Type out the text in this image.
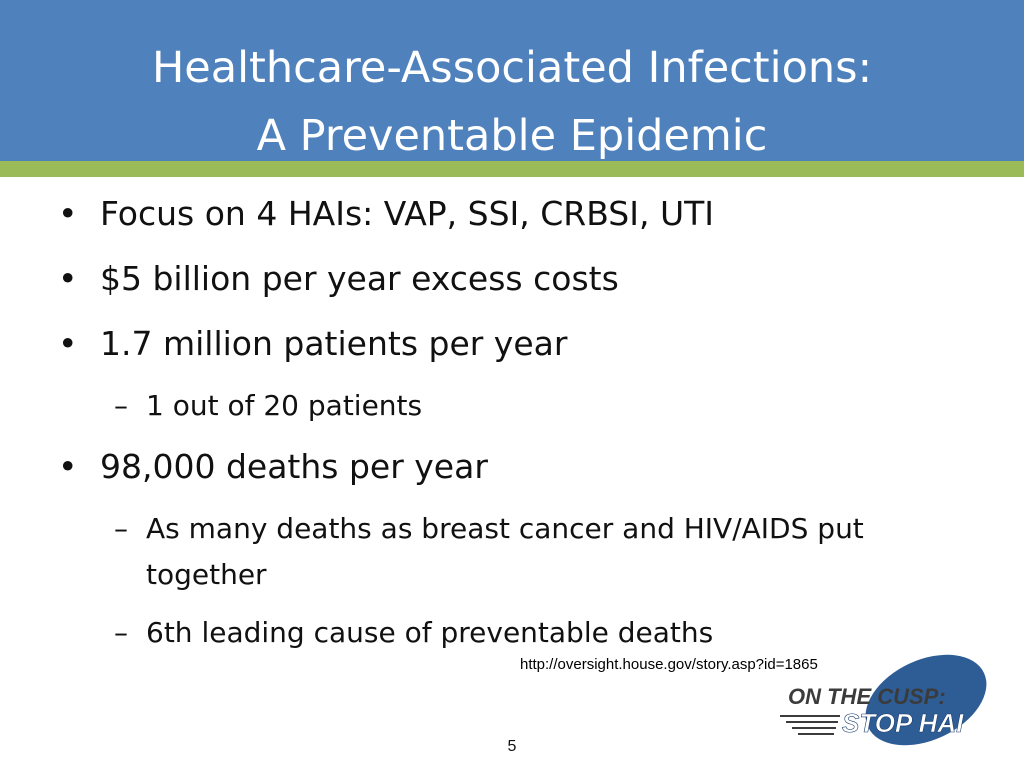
Healthcare-Associated Infections:
A Preventable Epidemic
• Focus on 4 HAIs: VAP, SSI, CRBSI, UTI
• $5 billion per year excess costs
• 1.7 million patients per year
– 1 out of 20 patients
• 98,000 deaths per year
– As many deaths as breast cancer and HIV/AIDS put together
– 6th leading cause of preventable deaths
http://oversight.house.gov/story.asp?id=1865
ON THE CUSP:
STOP HAI
5
